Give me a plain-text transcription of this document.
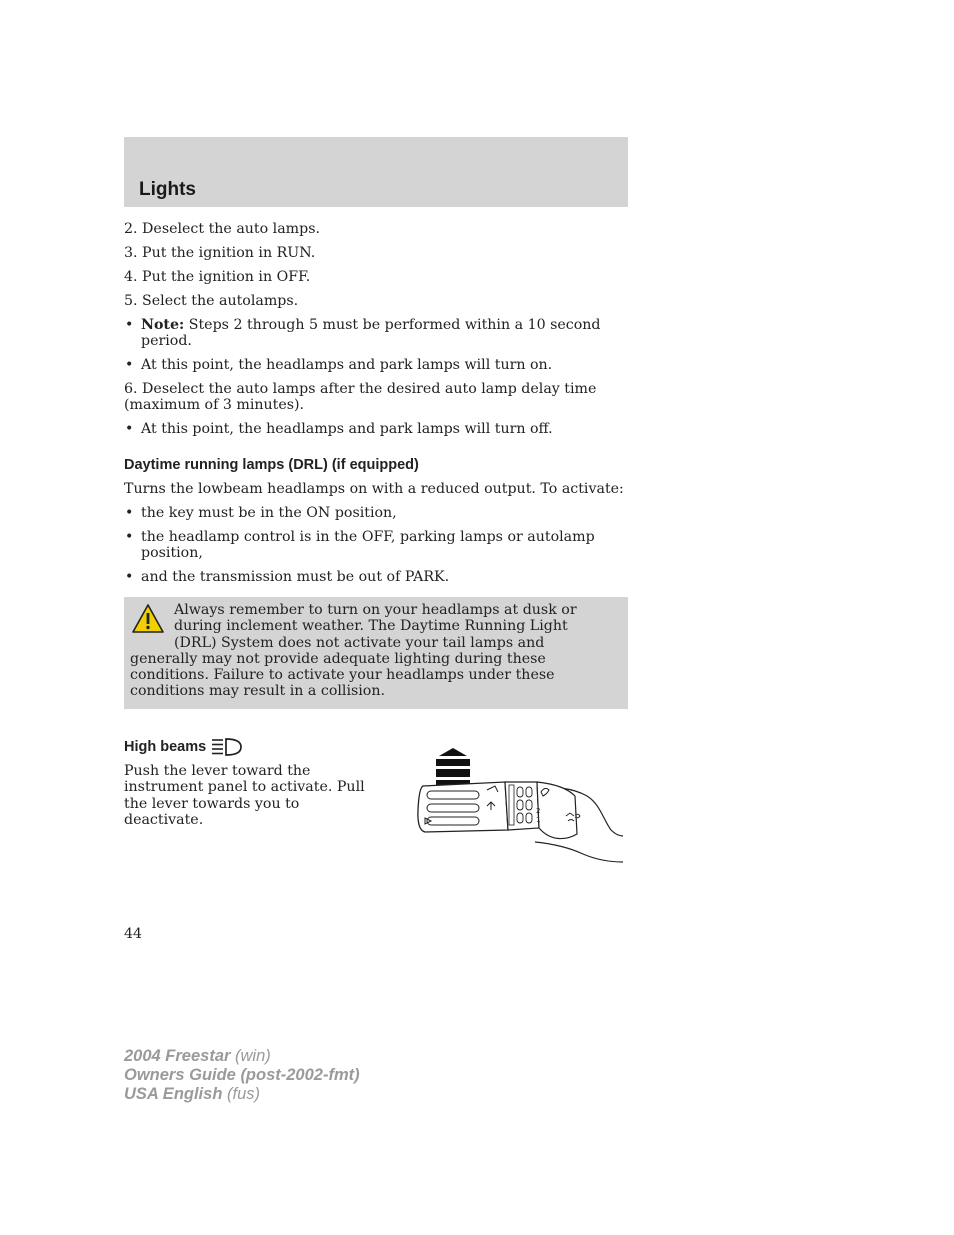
Lights

2. Deselect the auto lamps.

3. Put the ignition in RUN.

4. Put the ignition in OFF.

5. Select the autolamps.

• Note: Steps 2 through 5 must be performed within a 10 second period.

• At this point, the headlamps and park lamps will turn on.

6. Deselect the auto lamps after the desired auto lamp delay time (maximum of 3 minutes).

• At this point, the headlamps and park lamps will turn off.

Daytime running lamps (DRL) (if equipped)

Turns the lowbeam headlamps on with a reduced output. To activate:

• the key must be in the ON position,

• the headlamp control is in the OFF, parking lamps or autolamp position,

• and the transmission must be out of PARK.

Always remember to turn on your headlamps at dusk or during inclement weather. The Daytime Running Light (DRL) System does not activate your tail lamps and generally may not provide adequate lighting during these conditions. Failure to activate your headlamps under these conditions may result in a collision.
High beams

Push the lever toward the instrument panel to activate. Pull the lever towards you to deactivate.

2
1
44
2004 Freestar (win)
Owners Guide (post-2002-fmt)
USA English (fus)
